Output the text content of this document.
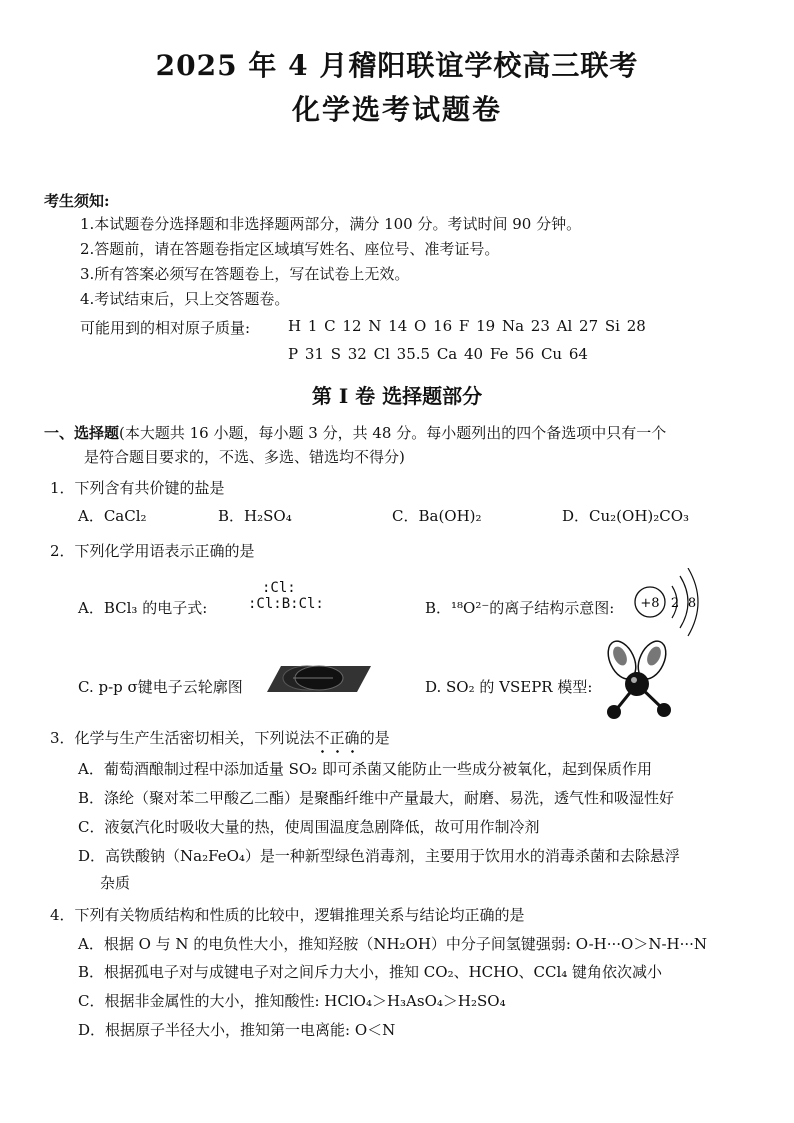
2025 年 4 月稽阳联谊学校高三联考
化学选考试题卷
考生须知:
1.本试题卷分选择题和非选择题两部分，满分 100 分。考试时间 90 分钟。
2.答题前，请在答题卷指定区域填写姓名、座位号、准考证号。
3.所有答案必须写在答题卷上，写在试卷上无效。
4.考试结束后，只上交答题卷。
可能用到的相对原子质量:	H 1 C 12 N 14 O 16 F 19 Na 23 Al 27 Si 28
P 31 S 32 Cl 35.5 Ca 40 Fe 56 Cu 64
第 I 卷 选择题部分
一、选择题(本大题共 16 小题，每小题 3 分，共 48 分。每小题列出的四个备选项中只有一个
是符合题目要求的，不选、多选、错选均不得分)
1．下列含有共价键的盐是
A．CaCl₂	B．H₂SO₄	C．Ba(OH)₂	D．Cu₂(OH)₂CO₃
2．下列化学用语表示正确的是
A．BCl₃ 的电子式:
:Cl:
:Cl:B:Cl:	B．¹⁸O²⁻的离子结构示意图: +8 2 8
C. p-p σ键电子云轮廓图	D. SO₂ 的 VSEPR 模型:
3．化学与生产生活密切相关，下列说法不正确的是
A．葡萄酒酿制过程中添加适量 SO₂ 即可杀菌又能防止一些成分被氧化，起到保质作用
B．涤纶（聚对苯二甲酸乙二酯）是聚酯纤维中产量最大，耐磨、易洗，透气性和吸湿性好
C．液氨汽化时吸收大量的热，使周围温度急剧降低，故可用作制冷剂
D．高铁酸钠（Na₂FeO₄）是一种新型绿色消毒剂，主要用于饮用水的消毒杀菌和去除悬浮
杂质
4．下列有关物质结构和性质的比较中，逻辑推理关系与结论均正确的是
A．根据 O 与 N 的电负性大小，推知羟胺（NH₂OH）中分子间氢键强弱: O-H···O＞N-H···N
B．根据孤电子对与成键电子对之间斥力大小，推知 CO₂、HCHO、CCl₄ 键角依次减小
C．根据非金属性的大小，推知酸性: HClO₄＞H₃AsO₄＞H₂SO₄
D．根据原子半径大小，推知第一电离能: O＜N
